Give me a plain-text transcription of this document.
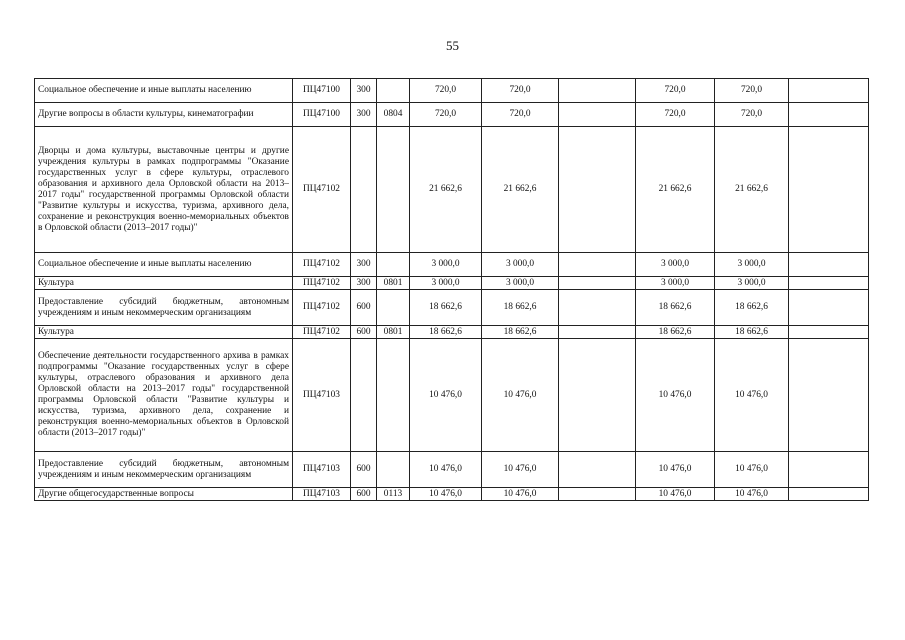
55
Социальное обеспечение и иные выплаты населению	ПЦ47100	300		720,0	720,0		720,0	720,0	
Другие вопросы в области культуры, кинематографии	ПЦ47100	300	0804	720,0	720,0		720,0	720,0	
Дворцы и дома культуры, выставочные центры и другие учреждения культуры в рамках подпрограммы "Оказание государственных услуг в сфере культуры, отраслевого образования и архивного дела Орловской области на 2013–2017 годы" государственной программы Орловской области "Развитие культуры и искусства, туризма, архивного дела, сохранение и реконструкция военно-мемориальных объектов в Орловской области (2013–2017 годы)"	ПЦ47102			21 662,6	21 662,6		21 662,6	21 662,6	
Социальное обеспечение и иные выплаты населению	ПЦ47102	300		3 000,0	3 000,0		3 000,0	3 000,0	
Культура	ПЦ47102	300	0801	3 000,0	3 000,0		3 000,0	3 000,0	
Предоставление субсидий бюджетным, автономным учреждениям и иным некоммерческим организациям	ПЦ47102	600		18 662,6	18 662,6		18 662,6	18 662,6	
Культура	ПЦ47102	600	0801	18 662,6	18 662,6		18 662,6	18 662,6	
Обеспечение деятельности государственного архива в рамках подпрограммы "Оказание государственных услуг в сфере культуры, отраслевого образования и архивного дела Орловской области на 2013–2017 годы" государственной программы Орловской области "Развитие культуры и искусства, туризма, архивного дела, сохранение и реконструкция военно-мемориальных объектов в Орловской области (2013–2017 годы)"	ПЦ47103			10 476,0	10 476,0		10 476,0	10 476,0	
Предоставление субсидий бюджетным, автономным учреждениям и иным некоммерческим организациям	ПЦ47103	600		10 476,0	10 476,0		10 476,0	10 476,0	
Другие общегосударственные вопросы	ПЦ47103	600	0113	10 476,0	10 476,0		10 476,0	10 476,0	
